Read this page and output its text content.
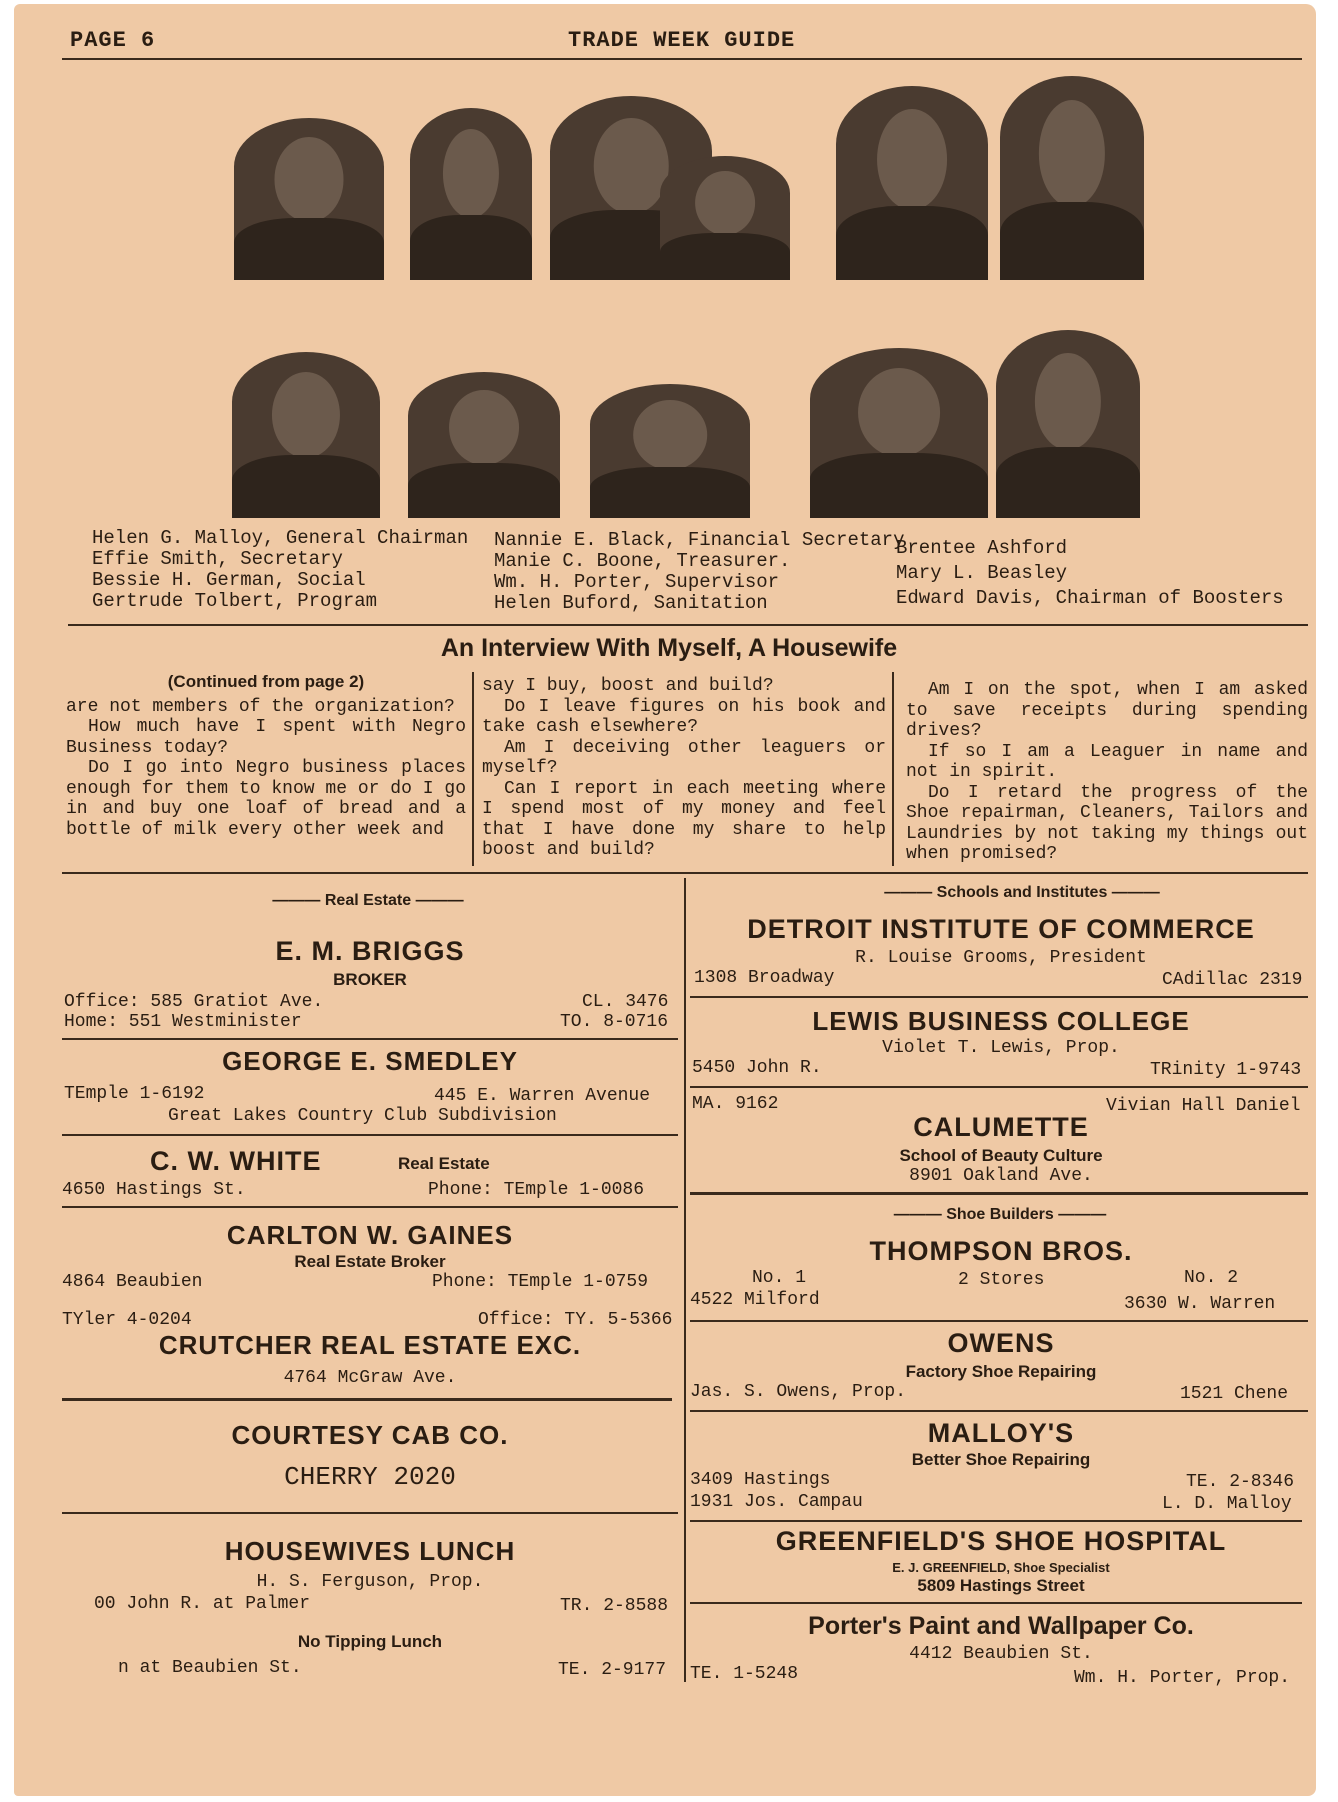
PAGE 6	TRADE WEEK GUIDE
Helen G. Malloy, General Chairman
Effie Smith, Secretary
Bessie H. German, Social
Gertrude Tolbert, Program
Nannie E. Black, Financial Secretary
Manie C. Boone, Treasurer.
Wm. H. Porter, Supervisor
Helen Buford, Sanitation
Brentee Ashford
Mary L. Beasley
Edward Davis, Chairman of Boosters
An Interview With Myself, A Housewife

(Continued from page 2)

are not members of the organization?

How much have I spent with Negro Business today?

Do I go into Negro business places enough for them to know me or do I go in and buy one loaf of bread and a bottle of milk every other week and

say I buy, boost and build?

Do I leave figures on his book and take cash elsewhere?

Am I deceiving other leaguers or myself?

Can I report in each meeting where I spend most of my money and feel that I have done my share to help boost and build?

Am I on the spot, when I am asked to save receipts during spending drives?

If so I am a Leaguer in name and not in spirit.

Do I retard the progress of the Shoe repairman, Cleaners, Tailors and Laundries by not taking my things out when promised?

——— Real Estate ———
E. M. BRIGGS
BROKER
Office: 585 Gratiot Ave.	CL. 3476
Home: 551 Westminister	TO. 8-0716
GEORGE E. SMEDLEY
TEmple 1-6192	445 E. Warren Avenue
Great Lakes Country Club Subdivision
C. W. WHITE	Real Estate
4650 Hastings St.	Phone: TEmple 1-0086
CARLTON W. GAINES
Real Estate Broker
4864 Beaubien	Phone: TEmple 1-0759
TYler 4-0204	Office: TY. 5-5366
CRUTCHER REAL ESTATE EXC.
4764 McGraw Ave.
COURTESY CAB CO.
CHERRY 2020
HOUSEWIVES LUNCH
H. S. Ferguson, Prop.
00 John R. at Palmer	TR. 2-8588
No Tipping Lunch
n at Beaubien St.	TE. 2-9177
——— Schools and Institutes ———
DETROIT INSTITUTE OF COMMERCE
R. Louise Grooms, President
1308 Broadway	CAdillac 2319
LEWIS BUSINESS COLLEGE
Violet T. Lewis, Prop.
5450 John R.	TRinity 1-9743
MA. 9162	Vivian Hall Daniel
CALUMETTE
School of Beauty Culture
8901 Oakland Ave.
——— Shoe Builders ———
THOMPSON BROS.
No. 1	2 Stores	No. 2
4522 Milford	3630 W. Warren
OWENS
Factory Shoe Repairing
Jas. S. Owens, Prop.	1521 Chene
MALLOY'S
Better Shoe Repairing
3409 Hastings	TE. 2-8346
1931 Jos. Campau	L. D. Malloy
GREENFIELD'S SHOE HOSPITAL
E. J. GREENFIELD, Shoe Specialist
5809 Hastings Street
Porter's Paint and Wallpaper Co.
4412 Beaubien St.
TE. 1-5248	Wm. H. Porter, Prop.
